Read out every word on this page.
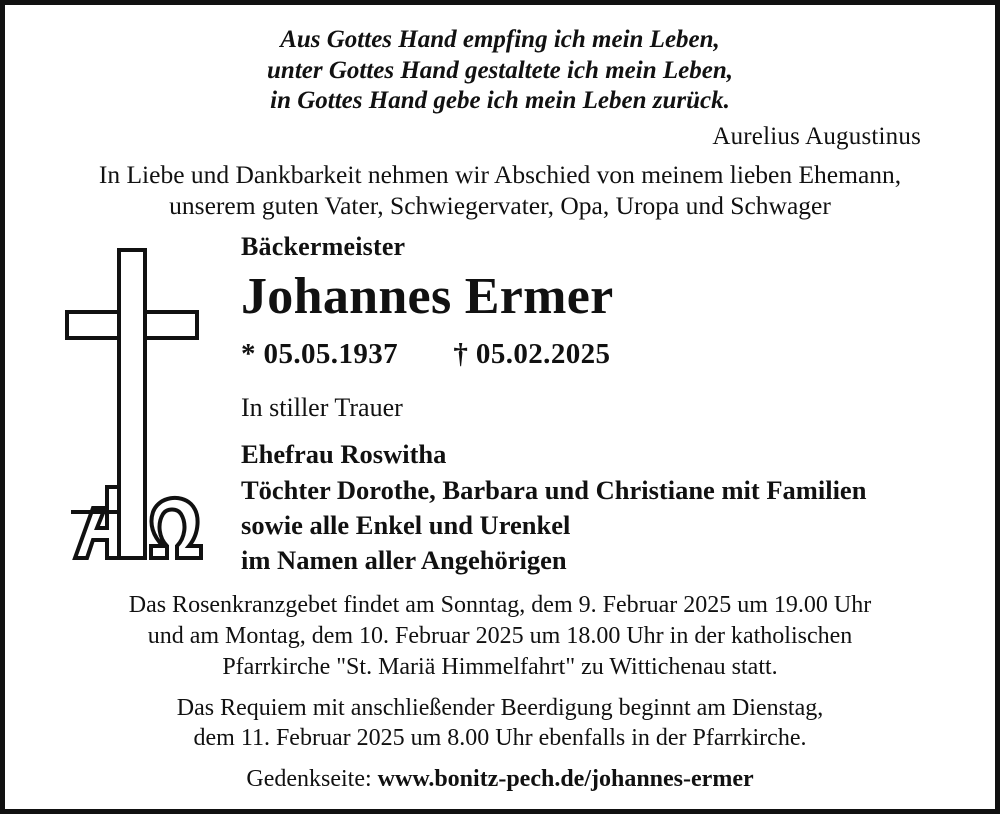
Aus Gottes Hand empfing ich mein Leben,
unter Gottes Hand gestaltete ich mein Leben,
in Gottes Hand gebe ich mein Leben zurück.
Aurelius Augustinus
In Liebe und Dankbarkeit nehmen wir Abschied von meinem lieben Ehemann,
unserem guten Vater, Schwiegervater, Opa, Uropa und Schwager
Bäckermeister
Johannes Ermer
* 05.05.1937 † 05.02.2025
In stiller Trauer
Ehefrau Roswitha
Töchter Dorothe, Barbara und Christiane mit Familien
sowie alle Enkel und Urenkel
im Namen aller Angehörigen
Das Rosenkranzgebet findet am Sonntag, dem 9. Februar 2025 um 19.00 Uhr
und am Montag, dem 10. Februar 2025 um 18.00 Uhr in der katholischen
Pfarrkirche "St. Mariä Himmelfahrt" zu Wittichenau statt.
Das Requiem mit anschließender Beerdigung beginnt am Dienstag,
dem 11. Februar 2025 um 8.00 Uhr ebenfalls in der Pfarrkirche.
Gedenkseite: www.bonitz-pech.de/johannes-ermer
